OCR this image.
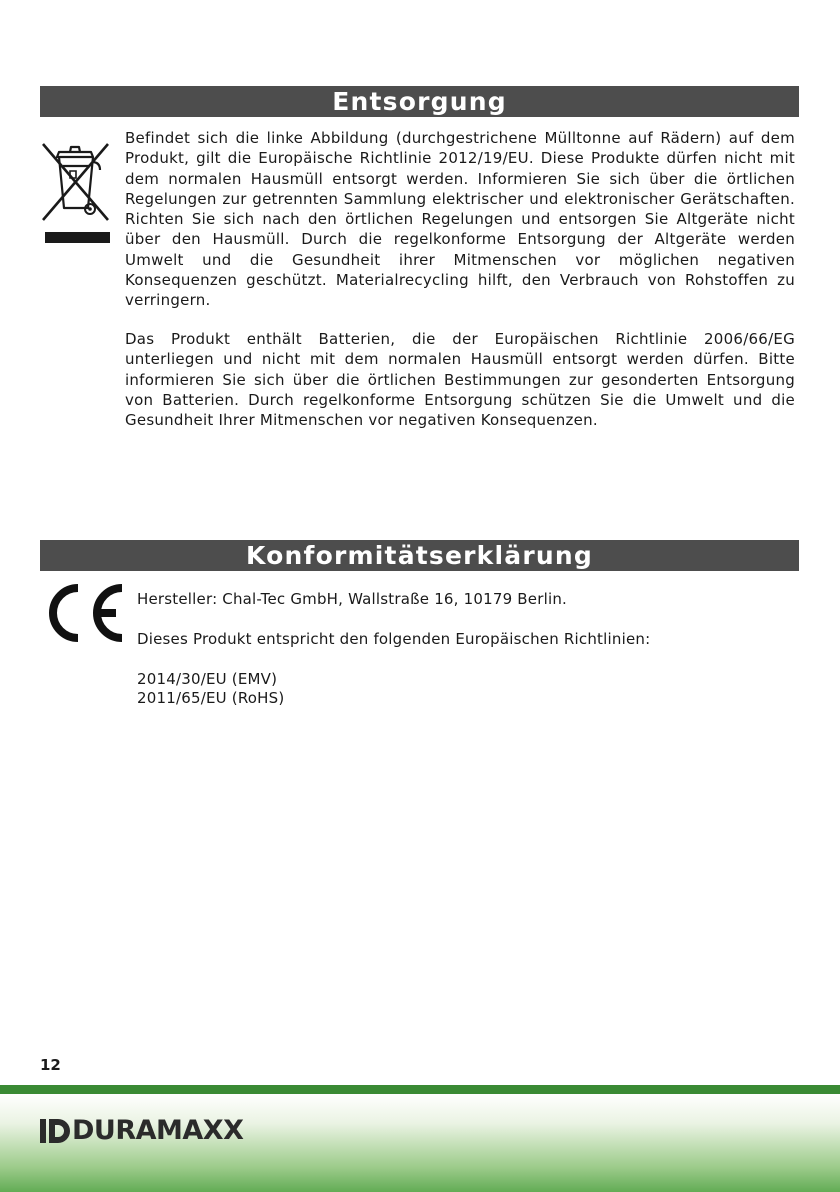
Entsorgung
Befindet sich die linke Abbildung (durchgestrichene Mülltonne auf Rädern) auf dem Produkt, gilt die Europäische Richtlinie 2012/19/EU. Diese Produkte dürfen nicht mit dem normalen Hausmüll entsorgt werden. Informieren Sie sich über die örtlichen Regelungen zur getrennten Sammlung elektrischer und elektronischer Gerätschaften. Richten Sie sich nach den örtlichen Regelungen und entsorgen Sie Altgeräte nicht über den Hausmüll. Durch die regelkonforme Entsorgung der Altgeräte werden Umwelt und die Gesundheit ihrer Mitmenschen vor möglichen negativen Konsequenzen geschützt. Materialrecycling hilft, den Verbrauch von Rohstoffen zu verringern.
Das Produkt enthält Batterien, die der Europäischen Richtlinie 2006/66/EG unterliegen und nicht mit dem normalen Hausmüll entsorgt werden dürfen. Bitte informieren Sie sich über die örtlichen Bestimmungen zur gesonderten Entsorgung von Batterien. Durch regelkonforme Entsorgung schützen Sie die Umwelt und die Gesundheit Ihrer Mitmenschen vor negativen Konsequenzen.
Konformitätserklärung
Hersteller: Chal-Tec GmbH, Wallstraße 16, 10179 Berlin.
Dieses Produkt entspricht den folgenden Europäischen Richtlinien:
2014/30/EU (EMV)
2011/65/EU (RoHS)
12
DURAMAXX
